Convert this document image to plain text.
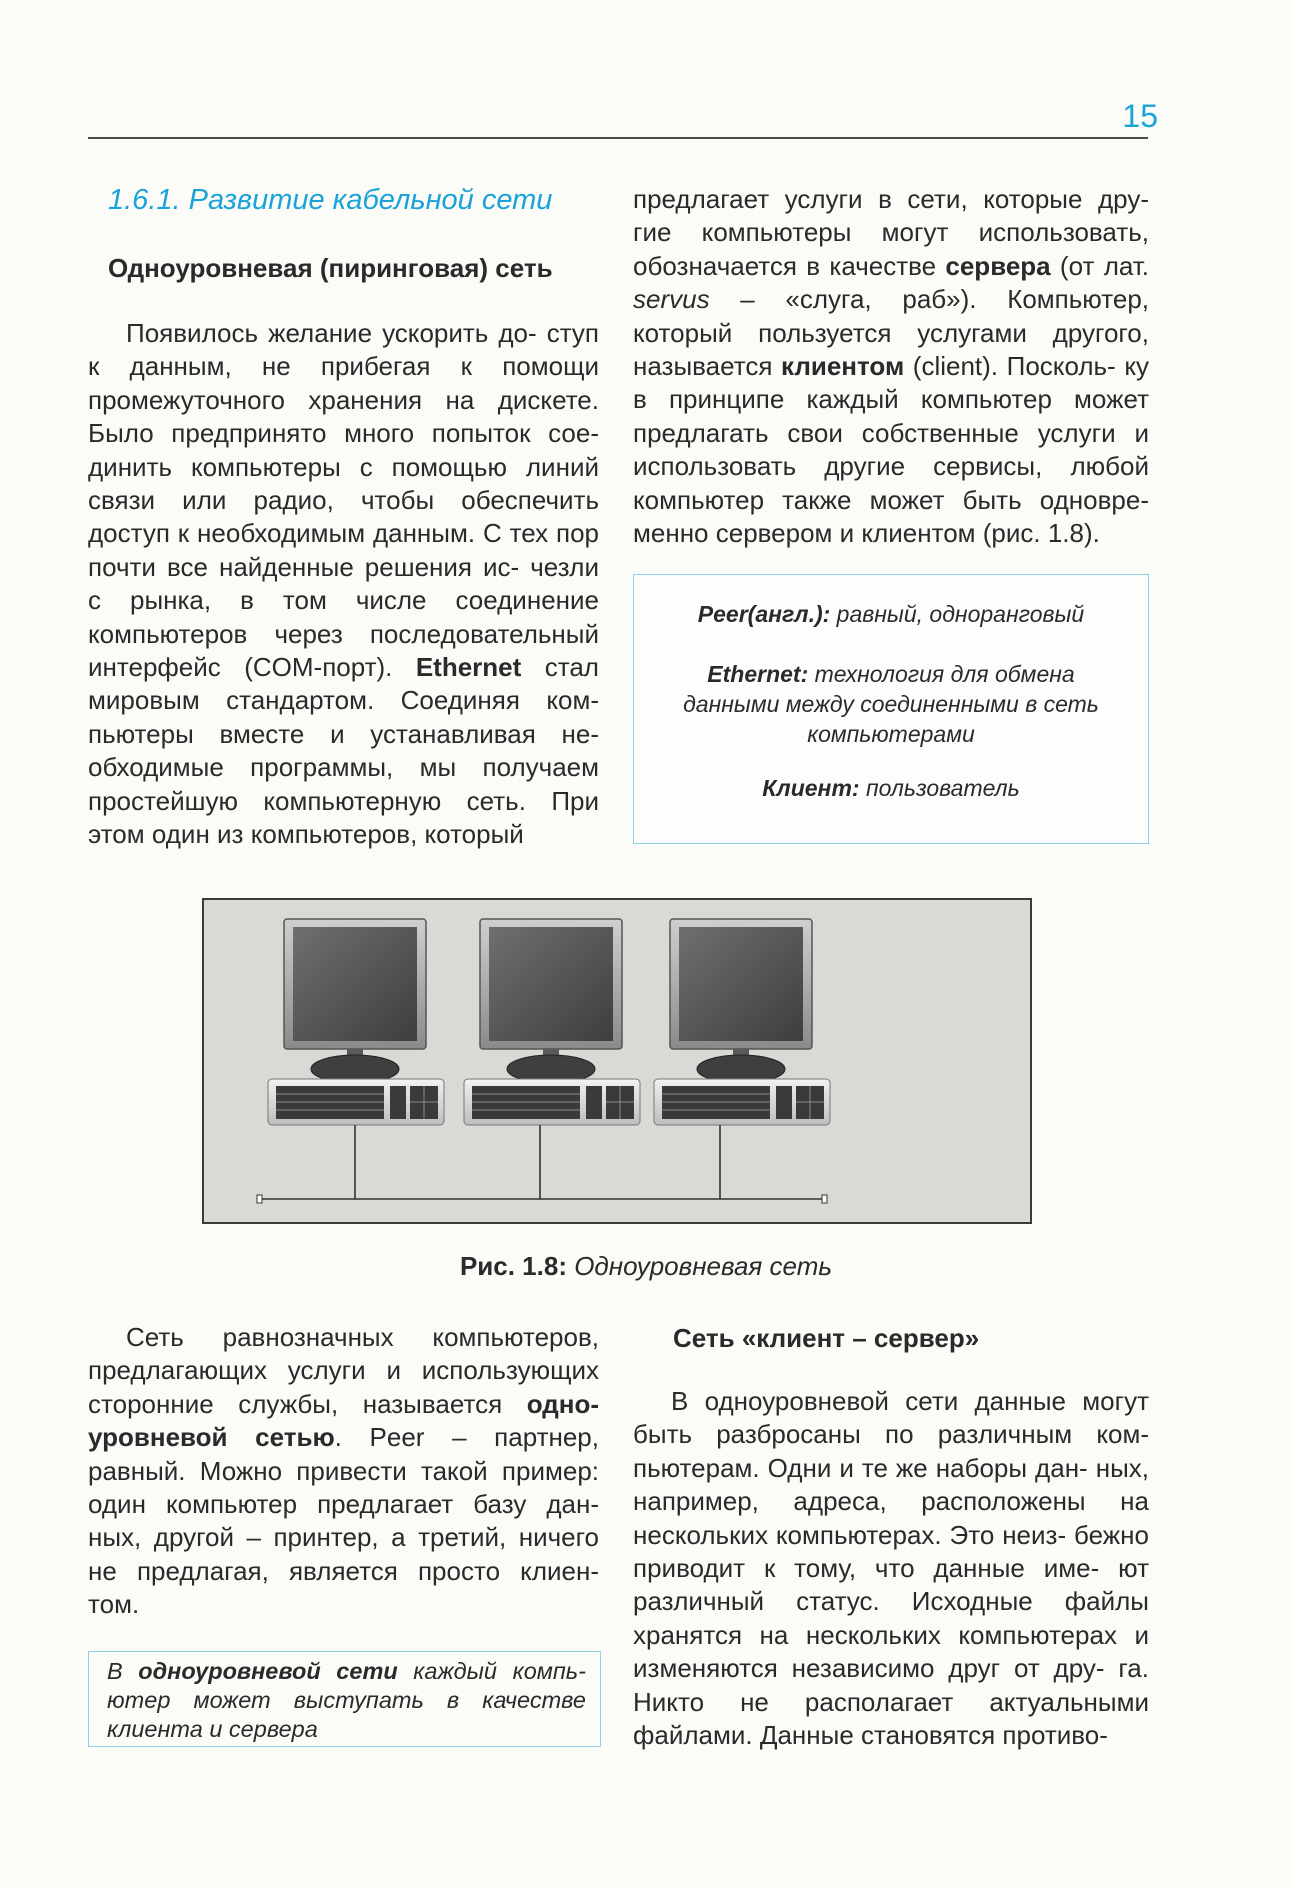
15
1.6.1. Развитие кабельной сети
Одноуровневая (пиринговая) сеть

Появилось желание ускорить до- ступ к данным, не прибегая к помощи промежуточного хранения на дискете. Было предпринято много попыток сое- динить компьютеры с помощью линий связи или радио, чтобы обеспечить доступ к необходимым данным. С тех пор почти все найденные решения ис- чезли с рынка, в том числе соединение компьютеров через последовательный интерфейс (COM-порт). Ethernet стал мировым стандартом. Соединяя ком- пьютеры вместе и устанавливая не- обходимые программы, мы получаем простейшую компьютерную сеть. При этом один из компьютеров, который

предлагает услуги в сети, которые дру- гие компьютеры могут использовать, обозначается в качестве сервера (от лат. servus – «слуга, раб»). Компьютер, который пользуется услугами другого, называется клиентом (client). Посколь- ку в принципе каждый компьютер может предлагать свои собственные услуги и использовать другие сервисы, любой компьютер также может быть одновре- менно сервером и клиентом (рис. 1.8).

Peer(англ.): равный, одноранговый

Ethernet: технология для обмена
данными между соединенными в сеть
компьютерами

Клиент: пользователь

Рис. 1.8: Одноуровневая сеть

Сеть равнозначных компьютеров, предлагающих услуги и использующих сторонние службы, называется одно- уровневой сетью. Peer – партнер, равный. Можно привести такой пример: один компьютер предлагает базу дан- ных, другой – принтер, а третий, ничего не предлагая, является просто клиен- том.

В одноуровневой сети каждый компь- ютер может выступать в качестве клиента и сервера
Сеть «клиент – сервер»

В одноуровневой сети данные могут быть разбросаны по различным ком- пьютерам. Одни и те же наборы дан- ных, например, адреса, расположены на нескольких компьютерах. Это неиз- бежно приводит к тому, что данные име- ют различный статус. Исходные файлы хранятся на нескольких компьютерах и изменяются независимо друг от дру- га. Никто не располагает актуальными файлами. Данные становятся противо-
